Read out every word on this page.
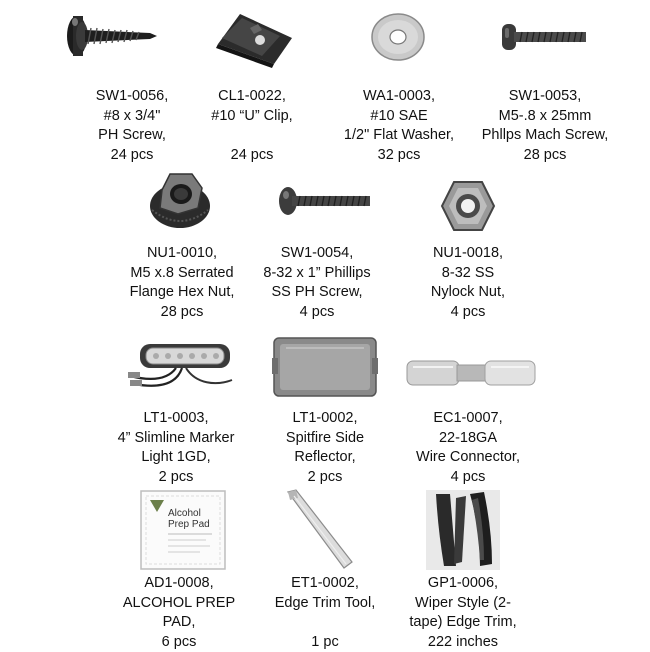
SW1-0056,
#8 x 3/4"
PH Screw,
24 pcs
CL1-0022,
#10 “U” Clip,
24 pcs
WA1-0003,
#10 SAE
1/2" Flat Washer,
32 pcs
SW1-0053,
M5-.8 x 25mm
Phllps Mach Screw,
28 pcs
NU1-0010,
M5 x.8 Serrated
Flange Hex Nut,
28 pcs
SW1-0054,
8-32 x 1” Phillips
SS PH Screw,
4 pcs
NU1-0018,
8-32 SS
Nylock Nut,
4 pcs
LT1-0003,
4” Slimline Marker
Light 1GD,
2 pcs
LT1-0002,
Spitfire Side
Reflector,
2 pcs
EC1-0007,
22-18GA
Wire Connector,
4 pcs
Alcohol
Prep Pad
AD1-0008,
ALCOHOL PREP
PAD,
6 pcs
ET1-0002,
Edge Trim Tool,
1 pc
GP1-0006,
Wiper Style (2-
tape) Edge Trim,
222 inches
